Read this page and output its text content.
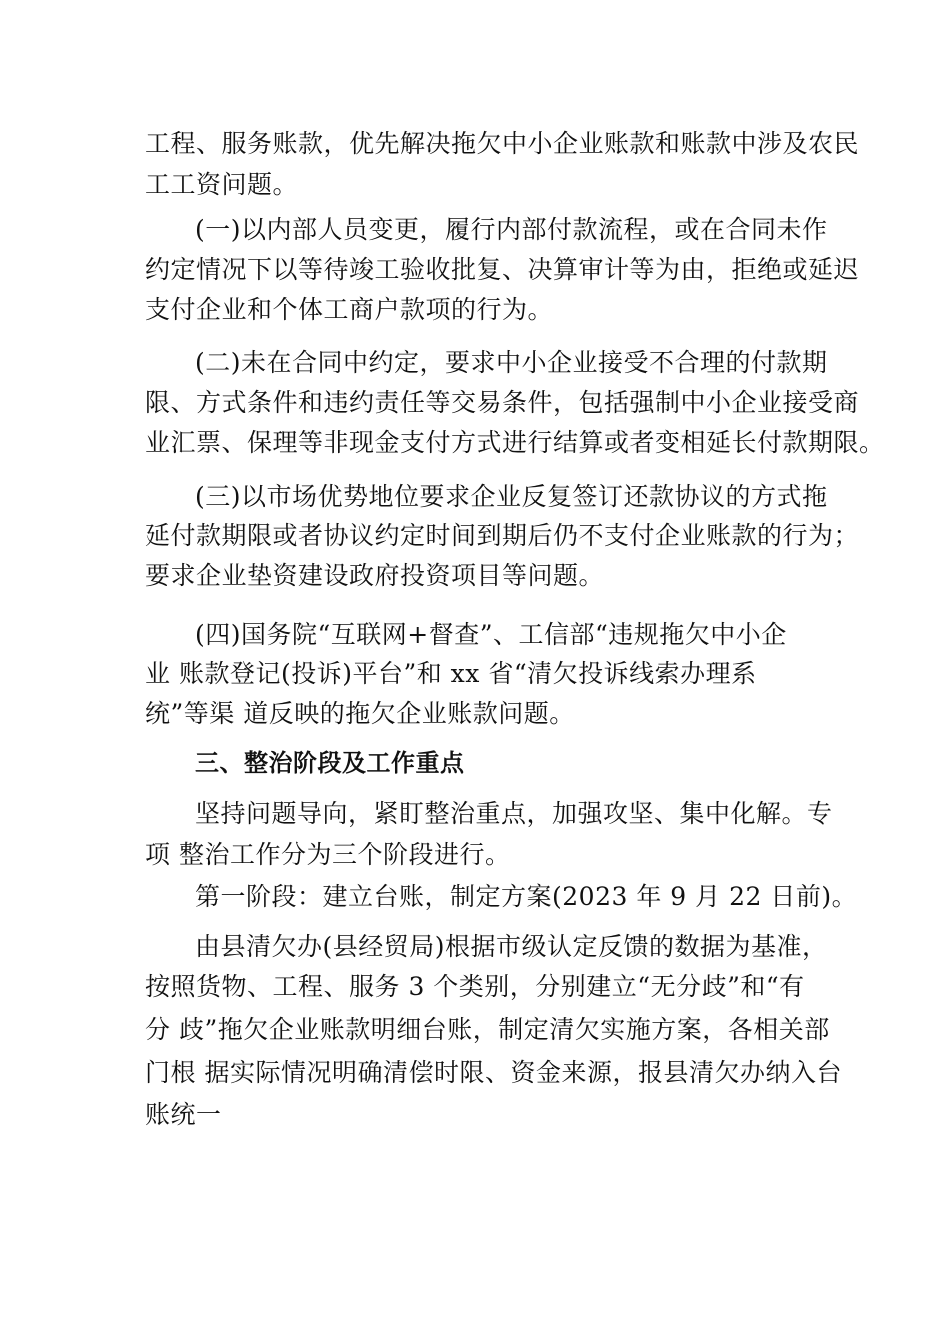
工程、服务账款，优先解决拖欠中小企业账款和账款中涉及农民
工工资问题。
(一)以内部人员变更，履行内部付款流程，或在合同未作
约定情况下以等待竣工验收批复、决算审计等为由，拒绝或延迟
支付企业和个体工商户款项的行为。
(二)未在合同中约定，要求中小企业接受不合理的付款期
限、方式条件和违约责任等交易条件，包括强制中小企业接受商
业汇票、保理等非现金支付方式进行结算或者变相延长付款期限。
(三)以市场优势地位要求企业反复签订还款协议的方式拖
延付款期限或者协议约定时间到期后仍不支付企业账款的行为；
要求企业垫资建设政府投资项目等问题。
(四)国务院“互联网+督查”、工信部“违规拖欠中小企
业 账款登记(投诉)平台”和 xx 省“清欠投诉线索办理系
统”等渠 道反映的拖欠企业账款问题。
三、整治阶段及工作重点
坚持问题导向，紧盯整治重点，加强攻坚、集中化解。专
项 整治工作分为三个阶段进行。
第一阶段：建立台账，制定方案(2023 年 9 月 22 日前)。
由县清欠办(县经贸局)根据市级认定反馈的数据为基准，
按照货物、工程、服务 3 个类别，分别建立“无分歧”和“有
分 歧”拖欠企业账款明细台账，制定清欠实施方案，各相关部
门根 据实际情况明确清偿时限、资金来源，报县清欠办纳入台
账统一
